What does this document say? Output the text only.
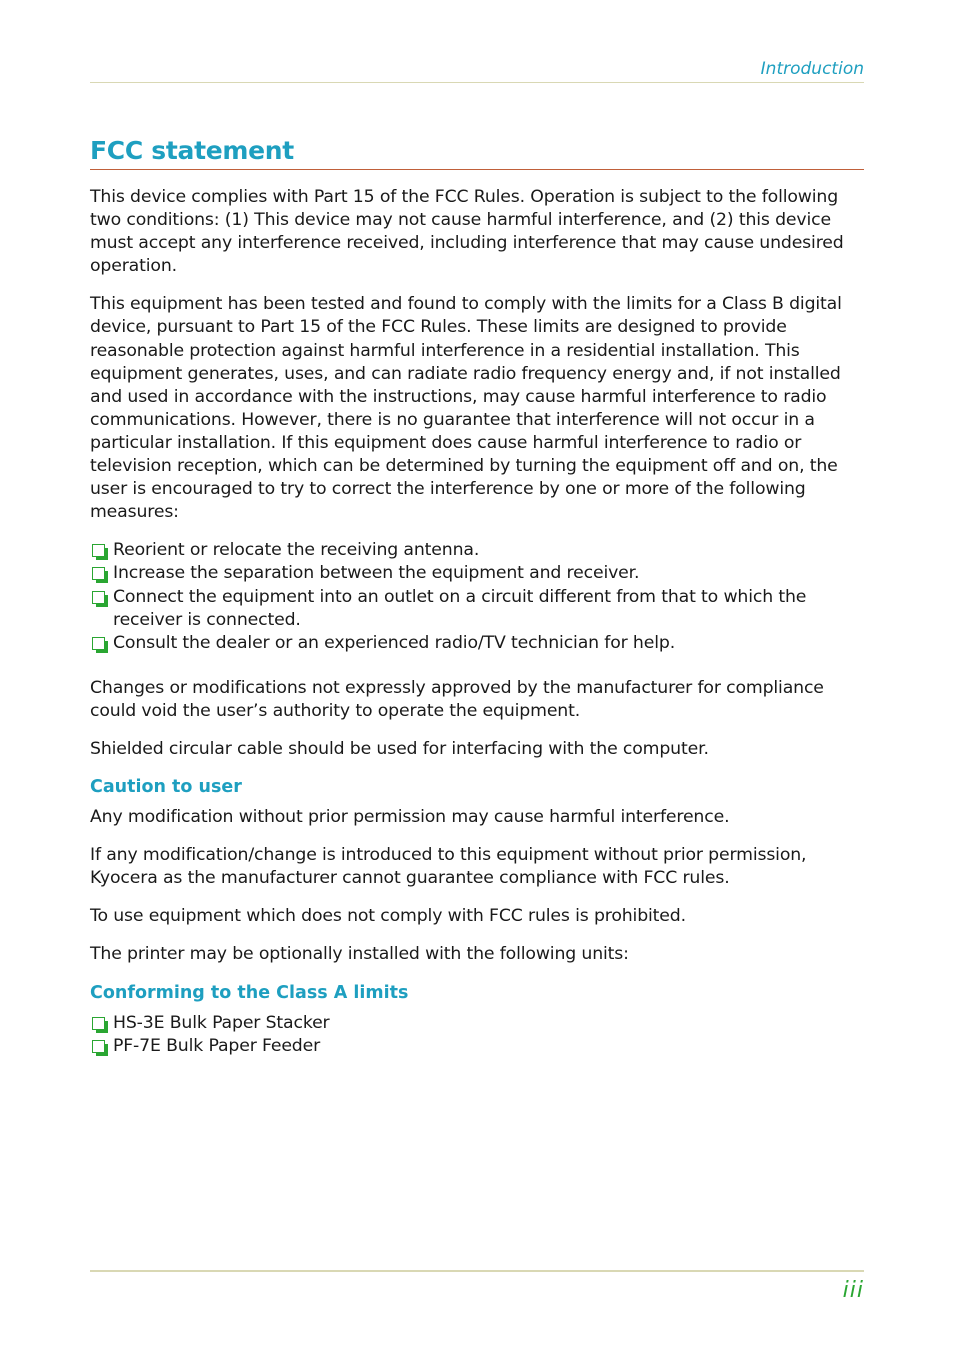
Introduction
FCC statement

This device complies with Part 15 of the FCC Rules. Operation is subject to the following two conditions: (1) This device may not cause harmful interference, and (2) this device must accept any interference received, including interference that may cause undesired operation.

This equipment has been tested and found to comply with the limits for a Class B digital device, pursuant to Part 15 of the FCC Rules. These limits are designed to provide reasonable protection against harmful interference in a residential installation. This equipment generates, uses, and can radiate radio frequency energy and, if not installed and used in accordance with the instructions, may cause harmful interference to radio communications. However, there is no guarantee that interference will not occur in a particular installation. If this equipment does cause harmful interference to radio or television reception, which can be determined by turning the equipment off and on, the user is encouraged to try to correct the interference by one or more of the following measures:

Reorient or relocate the receiving antenna.
Increase the separation between the equipment and receiver.
Connect the equipment into an outlet on a circuit different from that to which the receiver is connected.
Consult the dealer or an experienced radio/TV technician for help.

Changes or modifications not expressly approved by the manufacturer for compliance could void the user’s authority to operate the equipment.

Shielded circular cable should be used for interfacing with the computer.

Caution to user

Any modification without prior permission may cause harmful interference.

If any modification/change is introduced to this equipment without prior permission, Kyocera as the manufacturer cannot guarantee compliance with FCC rules.

To use equipment which does not comply with FCC rules is prohibited.

The printer may be optionally installed with the following units:

Conforming to the Class A limits
HS-3E Bulk Paper Stacker
PF-7E Bulk Paper Feeder
iii
